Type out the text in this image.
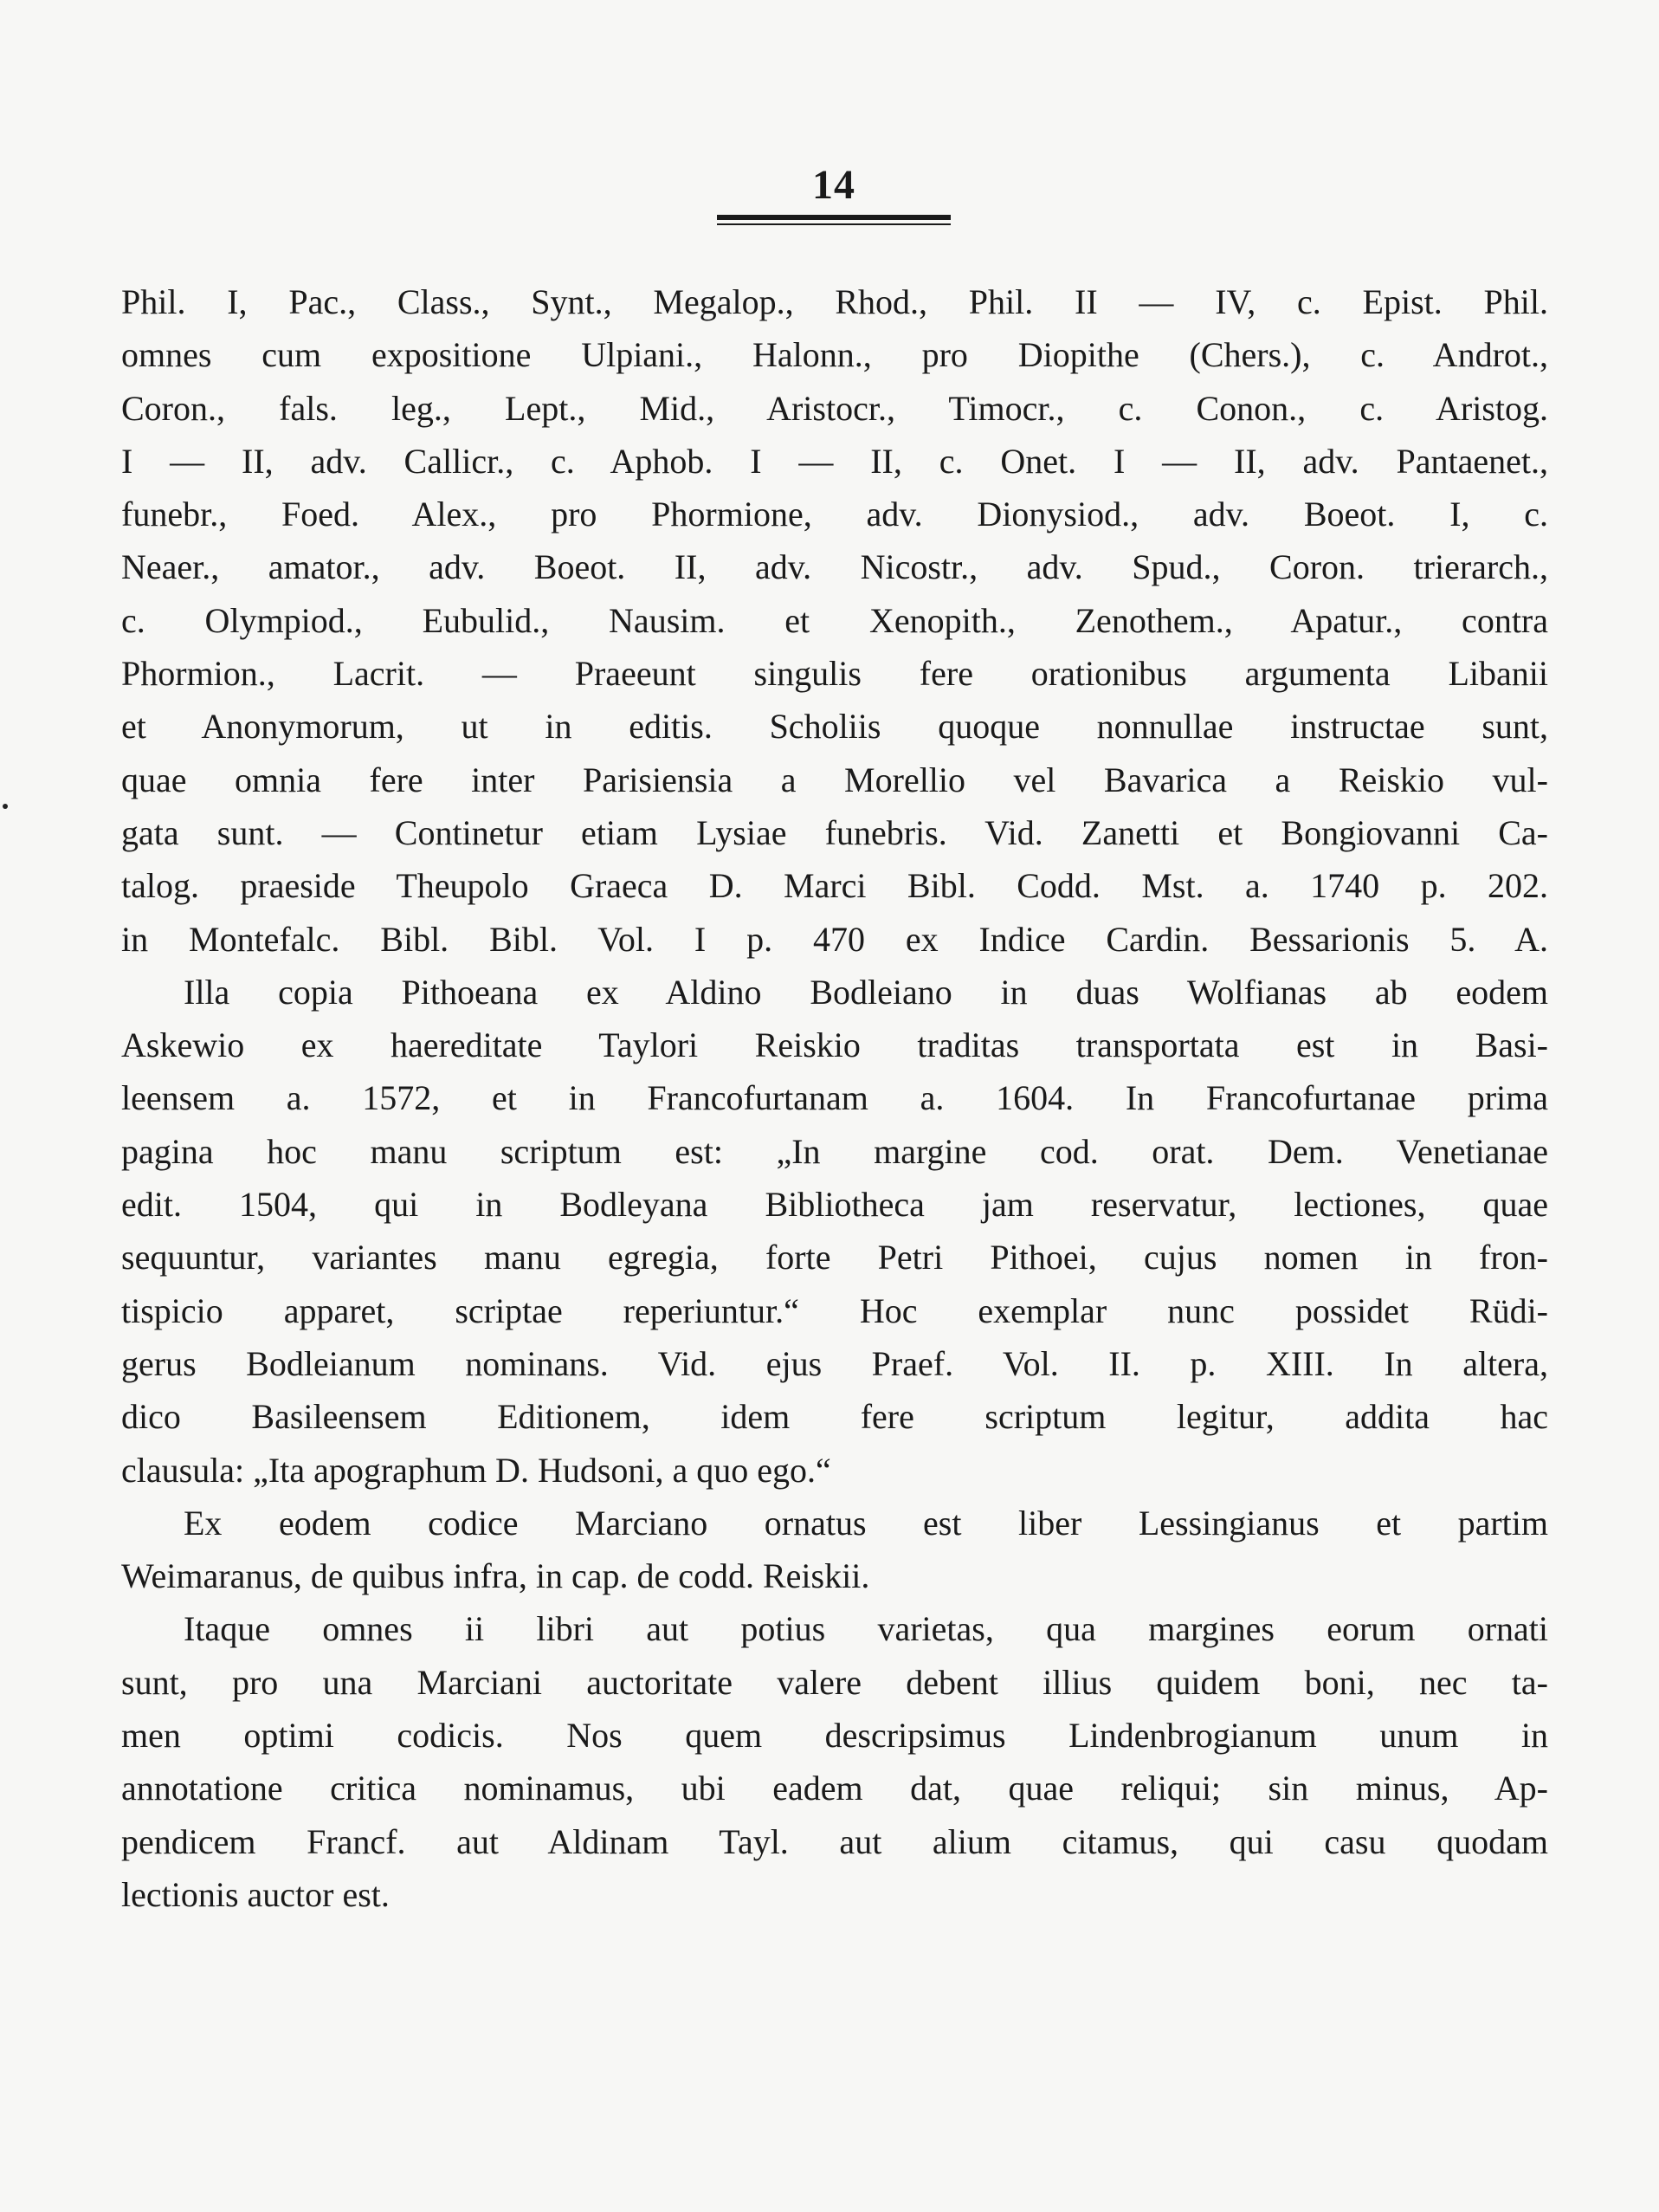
14
Phil. I, Pac., Class., Synt., Megalop., Rhod., Phil. II — IV, c. Epist. Phil.
omnes cum expositione Ulpiani., Halonn., pro Diopithe (Chers.), c. Androt.,
Coron., fals. leg., Lept., Mid., Aristocr., Timocr., c. Conon., c. Aristog.
I — II, adv. Callicr., c. Aphob. I — II, c. Onet. I — II, adv. Pantaenet.,
funebr., Foed. Alex., pro Phormione, adv. Dionysiod., adv. Boeot. I, c.
Neaer., amator., adv. Boeot. II, adv. Nicostr., adv. Spud., Coron. trierarch.,
c. Olympiod., Eubulid., Nausim. et Xenopith., Zenothem., Apatur., contra
Phormion., Lacrit. — Praeeunt singulis fere orationibus argumenta Libanii
et Anonymorum, ut in editis. Scholiis quoque nonnullae instructae sunt,
quae omnia fere inter Parisiensia a Morellio vel Bavarica a Reiskio vul-
gata sunt. — Continetur etiam Lysiae funebris. Vid. Zanetti et Bongiovanni Ca-
talog. praeside Theupolo Graeca D. Marci Bibl. Codd. Mst. a. 1740 p. 202.
in Montefalc. Bibl. Bibl. Vol. I p. 470 ex Indice Cardin. Bessarionis 5. A.
Illa copia Pithoeana ex Aldino Bodleiano in duas Wolfianas ab eodem
Askewio ex haereditate Taylori Reiskio traditas transportata est in Basi-
leensem a. 1572, et in Francofurtanam a. 1604. In Francofurtanae prima
pagina hoc manu scriptum est: „In margine cod. orat. Dem. Venetianae
edit. 1504, qui in Bodleyana Bibliotheca jam reservatur, lectiones, quae
sequuntur, variantes manu egregia, forte Petri Pithoei, cujus nomen in fron-
tispicio apparet, scriptae reperiuntur.“ Hoc exemplar nunc possidet Rüdi-
gerus Bodleianum nominans. Vid. ejus Praef. Vol. II. p. XIII. In altera,
dico Basileensem Editionem, idem fere scriptum legitur, addita hac
clausula: „Ita apographum D. Hudsoni, a quo ego.“
Ex eodem codice Marciano ornatus est liber Lessingianus et partim
Weimaranus, de quibus infra, in cap. de codd. Reiskii.
Itaque omnes ii libri aut potius varietas, qua margines eorum ornati
sunt, pro una Marciani auctoritate valere debent illius quidem boni, nec ta-
men optimi codicis. Nos quem descripsimus Lindenbrogianum unum in
annotatione critica nominamus, ubi eadem dat, quae reliqui; sin minus, Ap-
pendicem Francf. aut Aldinam Tayl. aut alium citamus, qui casu quodam
lectionis auctor est.
